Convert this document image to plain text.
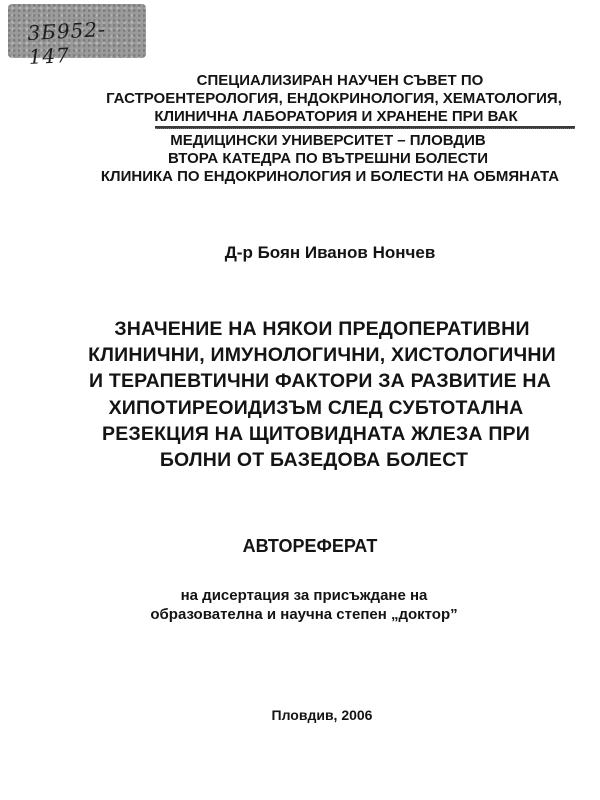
3Б952-147
СПЕЦИАЛИЗИРАН НАУЧЕН СЪВЕТ ПО
ГАСТРОЕНТЕРОЛОГИЯ, ЕНДОКРИНОЛОГИЯ, ХЕМАТОЛОГИЯ,
КЛИНИЧНА ЛАБОРАТОРИЯ И ХРАНЕНЕ ПРИ ВАК
МЕДИЦИНСКИ УНИВЕРСИТЕТ – ПЛОВДИВ
ВТОРА КАТЕДРА ПО ВЪТРЕШНИ БОЛЕСТИ
КЛИНИКА ПО ЕНДОКРИНОЛОГИЯ И БОЛЕСТИ НА ОБМЯНАТА
Д-р Боян Иванов Нончев
ЗНАЧЕНИЕ НА НЯКОИ ПРЕДОПЕРАТИВНИ
КЛИНИЧНИ, ИМУНОЛОГИЧНИ, ХИСТОЛОГИЧНИ
И ТЕРАПЕВТИЧНИ ФАКТОРИ ЗА РАЗВИТИЕ НА
ХИПОТИРЕОИДИЗЪМ СЛЕД СУБТОТАЛНА
РЕЗЕКЦИЯ НА ЩИТОВИДНАТА ЖЛЕЗА ПРИ
БОЛНИ ОТ БАЗЕДОВА БОЛЕСТ
АВТОРЕФЕРАТ
на дисертация за присъждане на
образователна и научна степен „доктор”
Пловдив, 2006
